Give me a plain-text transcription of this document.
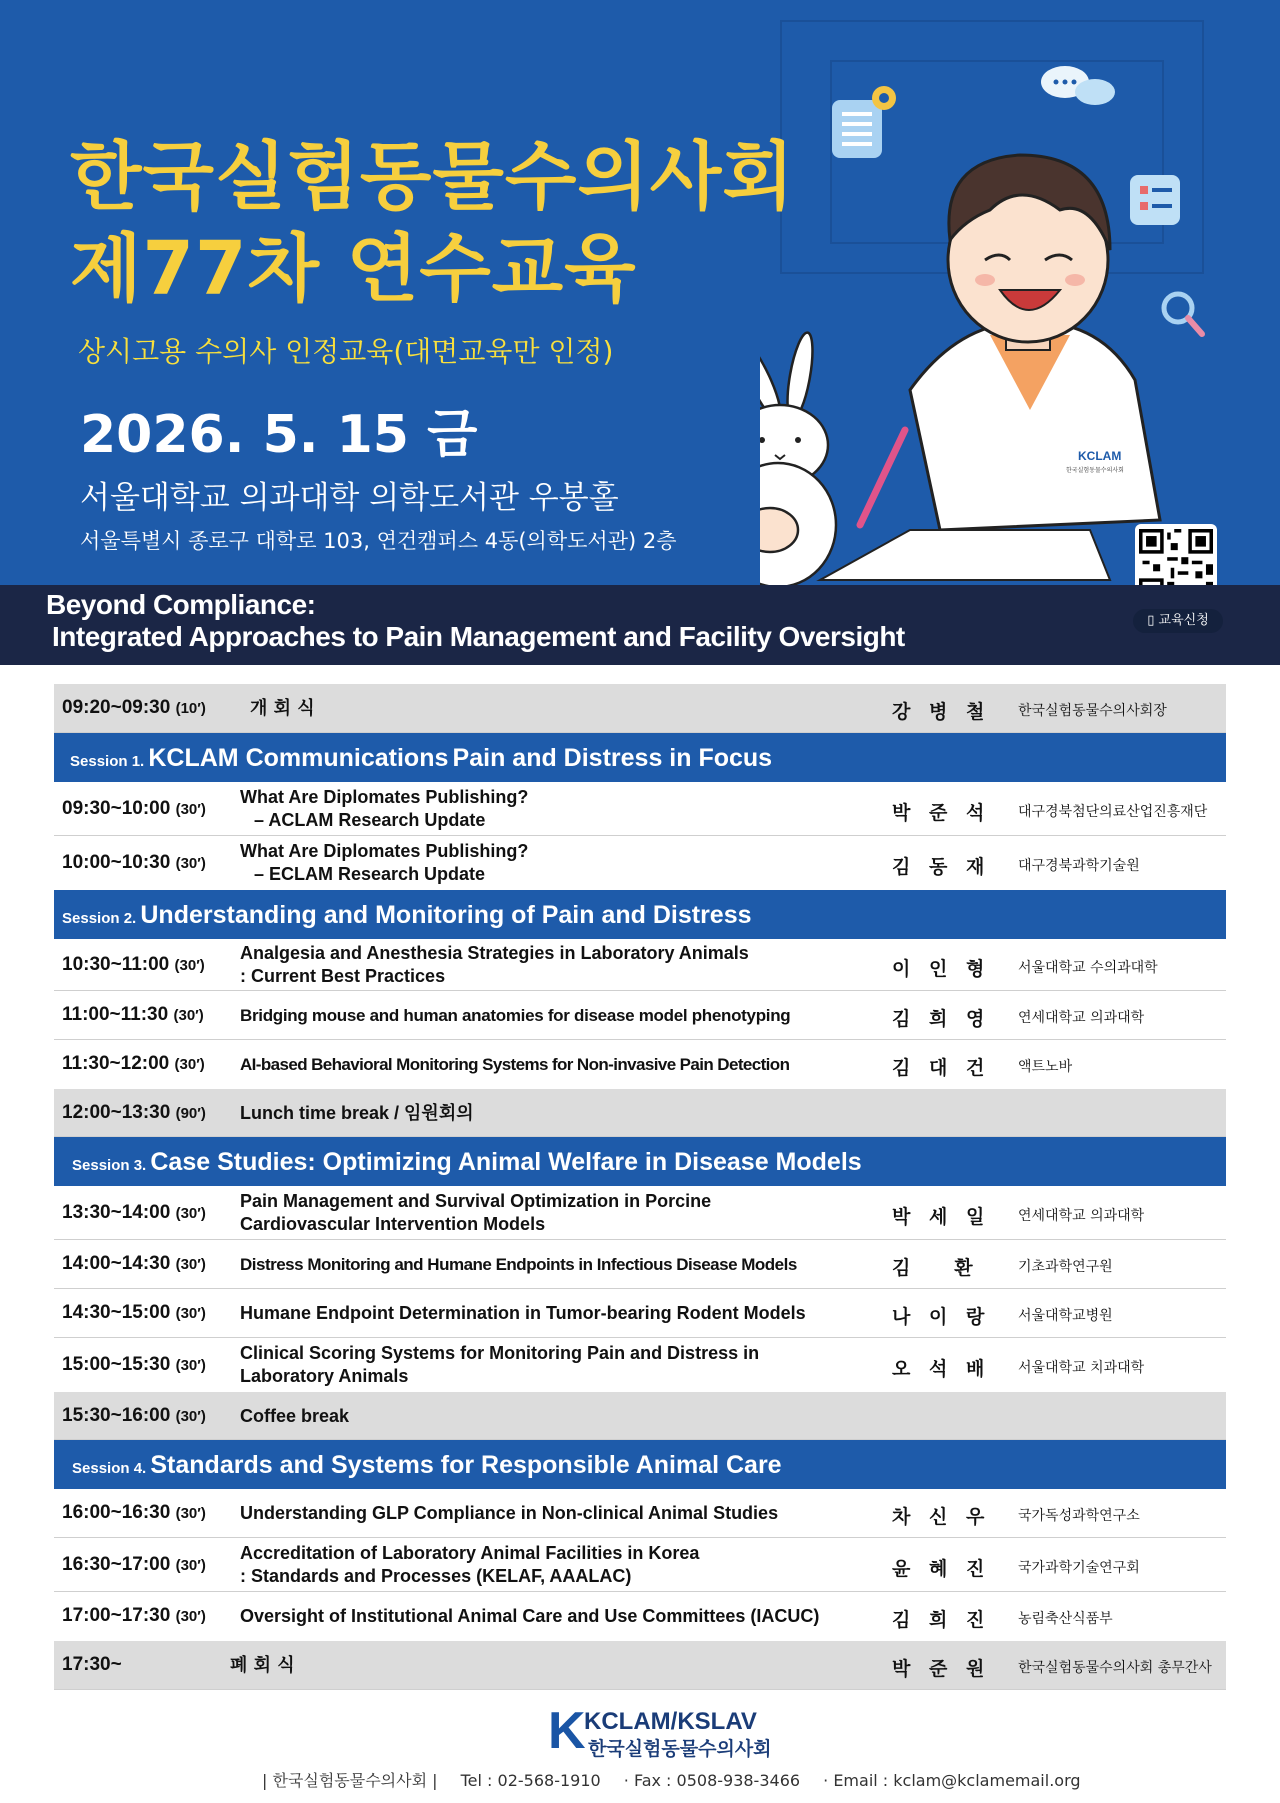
한국실험동물수의사회
제77차 연수교육
상시고용 수의사 인정교육(대면교육만 인정)
2026. 5. 15 금
서울대학교 의과대학 의학도서관 우봉홀
서울특별시 종로구 대학로 103, 연건캠퍼스 4동(의학도서관) 2층
KCLAM
한국실험동물수의사회
Beyond Compliance:
Integrated Approaches to Pain Management and Facility Oversight
▯ 교육신청
09:20~09:30 (10′) 개 회 식	강 병 철 한국실험동물수의사회장
Session 1. KCLAM Communications Pain and Distress in Focus
09:30~10:00 (30′)
What Are Diplomates Publishing?
– ACLAM Research Update	박 준 석 대구경북첨단의료산업진흥재단
10:00~10:30 (30′)
What Are Diplomates Publishing?
– ECLAM Research Update	김 동 재 대구경북과학기술원
Session 2. Understanding and Monitoring of Pain and Distress
10:30~11:00 (30′)
Analgesia and Anesthesia Strategies in Laboratory Animals
: Current Best Practices	이 인 형 서울대학교 수의과대학
11:00~11:30 (30′) Bridging mouse and human anatomies for disease model phenotyping	김 희 영 연세대학교 의과대학
11:30~12:00 (30′) AI-based Behavioral Monitoring Systems for Non-invasive Pain Detection	김 대 건 액트노바
12:00~13:30 (90′) Lunch time break / 임원회의
Session 3. Case Studies: Optimizing Animal Welfare in Disease Models
13:30~14:00 (30′)
Pain Management and Survival Optimization in Porcine
Cardiovascular Intervention Models	박 세 일 연세대학교 의과대학
14:00~14:30 (30′) Distress Monitoring and Humane Endpoints in Infectious Disease Models	김   환	기초과학연구원
14:30~15:00 (30′) Humane Endpoint Determination in Tumor-bearing Rodent Models	나 이 랑 서울대학교병원
15:00~15:30 (30′)
Clinical Scoring Systems for Monitoring Pain and Distress in
Laboratory Animals	오 석 배 서울대학교 치과대학
15:30~16:00 (30′) Coffee break
Session 4. Standards and Systems for Responsible Animal Care
16:00~16:30 (30′) Understanding GLP Compliance in Non-clinical Animal Studies	차 신 우 국가독성과학연구소
16:30~17:00 (30′)
Accreditation of Laboratory Animal Facilities in Korea
: Standards and Processes (KELAF, AAALAC)	윤 혜 진 국가과학기술연구회
17:00~17:30 (30′) Oversight of Institutional Animal Care and Use Committees (IACUC)	김 희 진 농림축산식품부
17:30~	폐 회 식	박 준 원 한국실험동물수의사회 총무간사
K
KCLAM/KSLAV
한국실험동물수의사회
| 한국실험동물수의사회 | Tel : 02-568-1910 · Fax : 0508-938-3466 · Email : kclam@kclamemail.org
